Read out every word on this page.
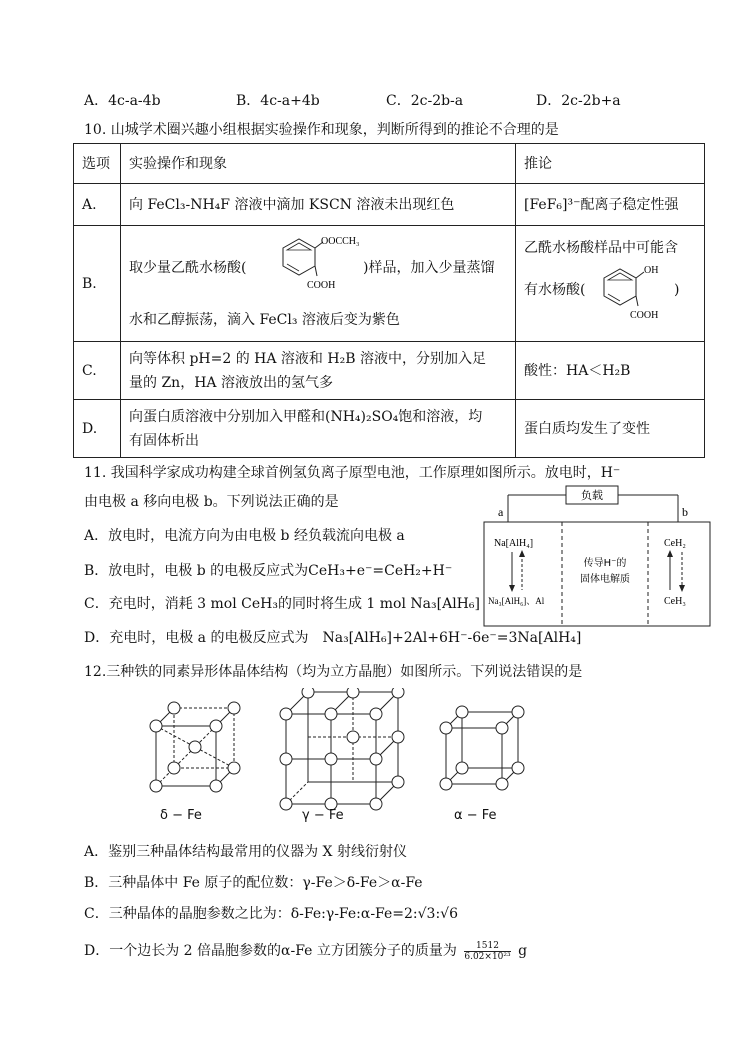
A．4c-a-4b	B．4c-a+4b	C．2c-2b-a	D．2c-2b+a
10. 山城学术圈兴趣小组根据实验操作和现象，判断所得到的推论不合理的是
选项	实验操作和现象	推论
A.	向 FeCl₃-NH₄F 溶液中滴加 KSCN 溶液未出现红色	[FeF₆]³⁻配离子稳定性强
B.	取少量乙酰水杨酸(
OOCCH₃
COOH
)样品，加入少量蒸馏
水和乙醇振荡，滴入 FeCl₃ 溶液后变为紫色	乙酰水杨酸样品中可能含
有水杨酸(
OH
COOH
)

C.	向等体积 pH=2 的 HA 溶液和 H₂B 溶液中，分别加入足
量的 Zn，HA 溶液放出的氢气多	酸性：HA＜H₂B
D.	向蛋白质溶液中分别加入甲醛和(NH₄)₂SO₄饱和溶液，均
有固体析出	蛋白质均发生了变性
11. 我国科学家成功构建全球首例氢负离子原型电池，工作原理如图所示。放电时，H⁻
由电极 a 移向电极 b。下列说法正确的是
A．放电时，电流方向为由电极 b 经负载流向电极 a
B．放电时，电极 b 的电极反应式为CeH₃+e⁻=CeH₂+H⁻
C．充电时，消耗 3 mol CeH₃的同时将生成 1 mol Na₃[AlH₆]
D．充电时，电极 a 的电极反应式为　Na₃[AlH₆]+2Al+6H⁻-6e⁻=3Na[AlH₄]
负载
a	b
Na[AlH₄]
Na₃[AlH₆]、Al
传导H⁻的
固体电解质
CeH₂
CeH₃
12.三种铁的同素异形体晶体结构（均为立方晶胞）如图所示。下列说法错误的是
δ − Fe	γ − Fe	α − Fe
A．鉴别三种晶体结构最常用的仪器为 X 射线衍射仪
B．三种晶体中 Fe 原子的配位数：γ-Fe＞δ-Fe＞α-Fe
C．三种晶体的晶胞参数之比为：δ-Fe:γ-Fe:α-Fe=2:√3:√6
D．一个边长为 2 倍晶胞参数的α-Fe 立方团簇分子的质量为 $\frac{1512}{\text{6.02×10²³}}$ g
